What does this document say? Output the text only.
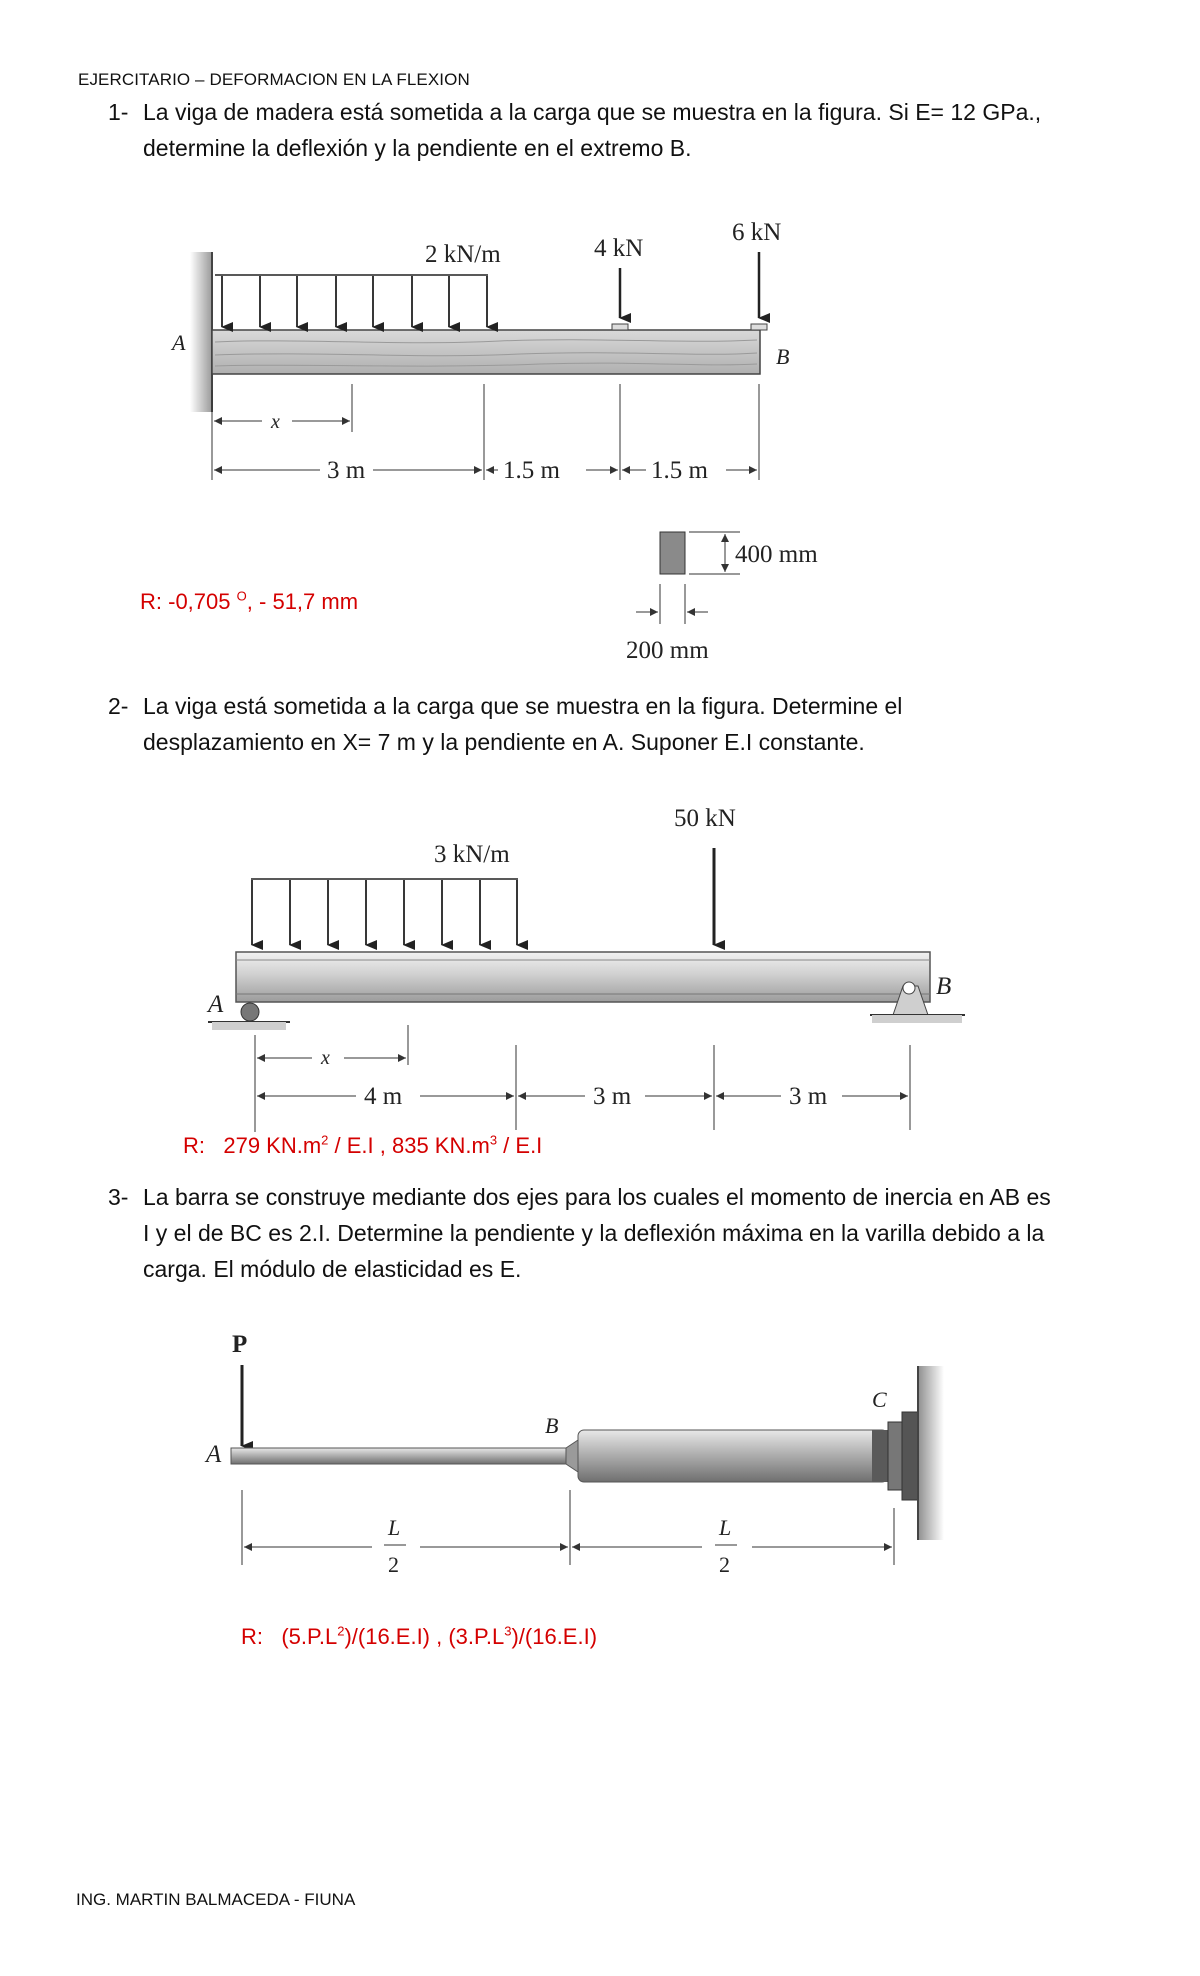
EJERCITARIO – DEFORMACION EN LA FLEXION
1- La viga de madera está sometida a la carga que se muestra en la figura. Si E= 12 GPa.,
determine la deflexión y la pendiente en el extremo B.
2 kN/m	4 kN
6 kN
A
B
x
3 m	1.5 m	1.5 m
400 mm
200 mm
R: -0,705 $^O$, - 51,7 mm
2- La viga está sometida a la carga que se muestra en la figura. Determine el
desplazamiento en X= 7 m y la pendiente en A. Suponer E.I constante.
3 kN/m
50 kN
A
B
x
4 m	3 m	3 m
R: 279 $KN.m^2 / E.I$ , 835 $KN.m^3 / E.I$
3- La barra se construye mediante dos ejes para los cuales el momento de inercia en AB es
I y el de BC es 2.I. Determine la pendiente y la deflexión máxima en la varilla debido a la
carga. El módulo de elasticidad es E.
P
A
B
C
L
2
L
2
R: $(5.P.L^2)/(16.E.I)$ , $(3.P.L^3)/(16.E.I)$
ING. MARTIN BALMACEDA - FIUNA
